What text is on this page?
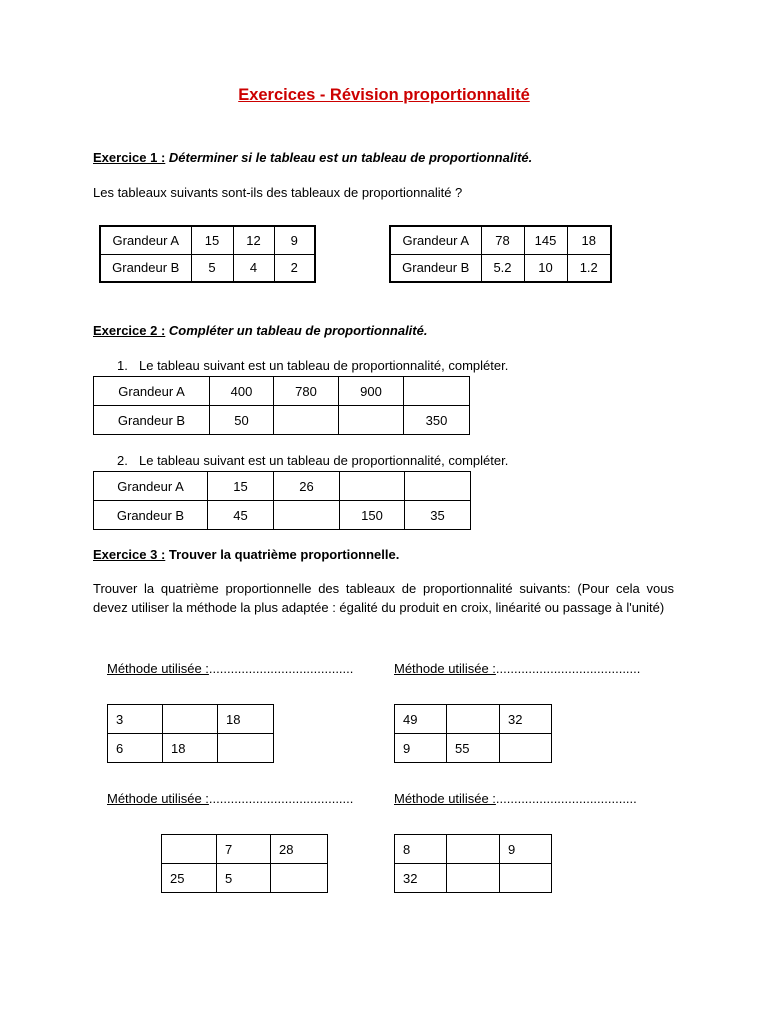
Exercices - Révision proportionnalité
Exercice 1 : Déterminer si le tableau est un tableau de proportionnalité.
Les tableaux suivants sont-ils des tableaux de proportionnalité ?
Grandeur A	15	12	9
Grandeur B	5	4	2
Grandeur A	78	145	18
Grandeur B	5.2	10	1.2
Exercice 2 : Compléter un tableau de proportionnalité.
1. Le tableau suivant est un tableau de proportionnalité, compléter.
Grandeur A	400	780	900	
Grandeur B	50			350
2. Le tableau suivant est un tableau de proportionnalité, compléter.
Grandeur A	15	26		
Grandeur B	45		150	35
Exercice 3 : Trouver la quatrième proportionnelle.
Trouver la quatrième proportionnelle des tableaux de proportionnalité suivants: (Pour cela vous devez utiliser la méthode la plus adaptée : égalité du produit en croix, linéarité ou passage à l'unité)
Méthode utilisée :........................................	Méthode utilisée :........................................
3		18
6	18	
49		32
9	55	
Méthode utilisée :........................................	Méthode utilisée :.......................................
	7	28
25	5	
8		9
32		
